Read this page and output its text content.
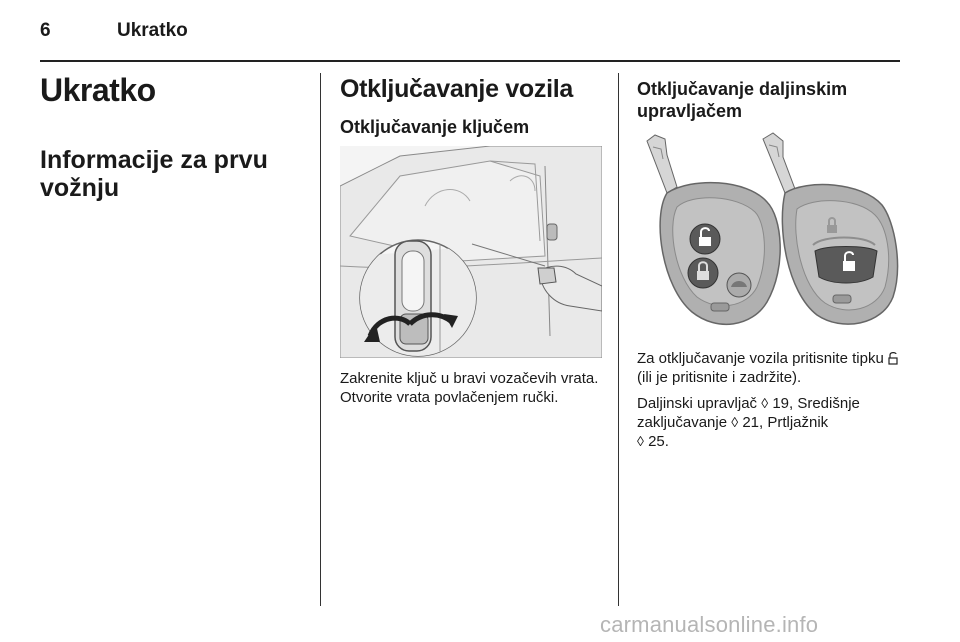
6	Ukratko
Ukratko
Informacije za prvu vožnju
Otključavanje vozila
Otključavanje ključem
Zakrenite ključ u bravi vozačevih vrata. Otvorite vrata povlačenjem ručki.
Otključavanje daljinskim upravljačem
Za otključavanje vozila pritisnite tipku  (ili je pritisnite i zadržite).
Daljinski upravljač ◊ 19, Središnje zaključavanje ◊ 21, Prtljažnik
◊ 25.
carmanualsonline.info
